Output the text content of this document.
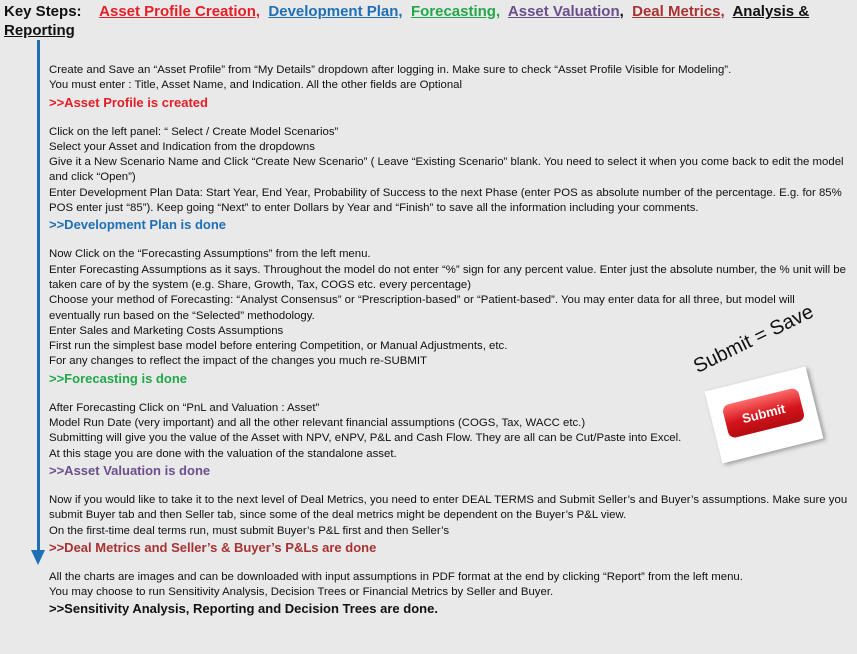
Key Steps: Asset Profile Creation, Development Plan, Forecasting, Asset Valuation, Deal Metrics, Analysis & Reporting
Create and Save an “Asset Profile” from “My Details” dropdown after logging in. Make sure to check “Asset Profile Visible for Modeling”.
You must enter : Title, Asset Name, and Indication. All the other fields are Optional
>>Asset Profile is created
Click on the left panel: “ Select / Create Model Scenarios”
Select your Asset and Indication from the dropdowns
Give it a New Scenario Name and Click “Create New Scenario” ( Leave “Existing Scenario” blank. You need to select it when you come back to edit the model and click “Open”)
Enter Development Plan Data: Start Year, End Year, Probability of Success to the next Phase (enter POS as absolute number of the percentage. E.g. for 85% POS enter just “85”). Keep going “Next” to enter Dollars by Year and “Finish” to save all the information including your comments.
>>Development Plan is done
Now Click on the “Forecasting Assumptions” from the left menu.
Enter Forecasting Assumptions as it says. Throughout the model do not enter “%” sign for any percent value. Enter just the absolute number, the % unit will be taken care of by the system (e.g. Share, Growth, Tax, COGS etc. every percentage)
Choose your method of Forecasting: “Analyst Consensus” or “Prescription-based” or “Patient-based”. You may enter data for all three, but model will eventually run based on the “Selected” methodology.
Enter Sales and Marketing Costs Assumptions
First run the simplest base model before entering Competition, or Manual Adjustments, etc.
For any changes to reflect the impact of the changes you much re-SUBMIT
>>Forecasting is done
After Forecasting Click on “PnL and Valuation : Asset”
Model Run Date (very important) and all the other relevant financial assumptions (COGS, Tax, WACC etc.)
Submitting will give you the value of the Asset with NPV, eNPV, P&L and Cash Flow. They are all can be Cut/Paste into Excel.
At this stage you are done with the valuation of the standalone asset.
>>Asset Valuation is done
Now if you would like to take it to the next level of Deal Metrics, you need to enter DEAL TERMS and Submit Seller’s and Buyer’s assumptions. Make sure you submit Buyer tab and then Seller tab, since some of the deal metrics might be dependent on the Buyer’s P&L view.
On the first-time deal terms run, must submit Buyer’s P&L first and then Seller’s
>>Deal Metrics and Seller’s & Buyer’s P&Ls are done
All the charts are images and can be downloaded with input assumptions in PDF format at the end by clicking “Report” from the left menu.
You may choose to run Sensitivity Analysis, Decision Trees or Financial Metrics by Seller and Buyer.
>>Sensitivity Analysis, Reporting and Decision Trees are done.
Submit = Save
Submit
